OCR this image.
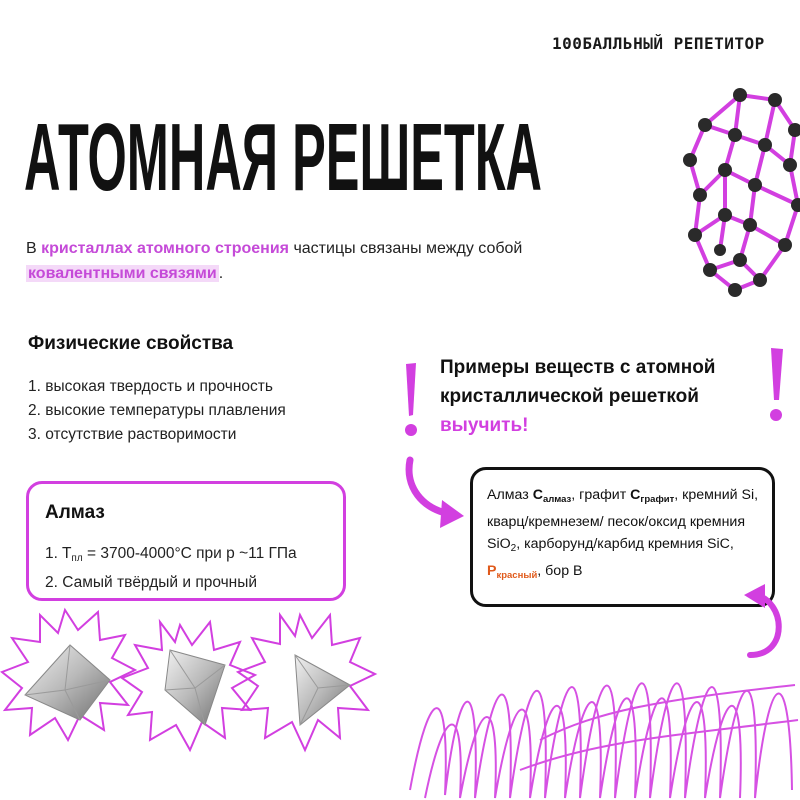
100БАЛЛЬНЫЙ РЕПЕТИТОР
АТОМНАЯ РЕШЕТКА

В кристаллах атомного строения частицы связаны между собой ковалентными связями .

Физические свойства
1. высокая твердость и прочность
2. высокие температуры плавления
3. отсутствие растворимости
Алмаз
1. Tпл = 3700-4000°C при p ~11 ГПа
2. Самый твёрдый и прочный
Примеры веществ с атомной кристаллической решеткой
выучить!

Алмаз $C_{алмаз}$, графит $C_{графит}$, кремний Si, кварц/кремнезем/ песок/оксид кремния SiO$_2$, карборунд/карбид кремния SiC, $P_{красный}$, бор B
